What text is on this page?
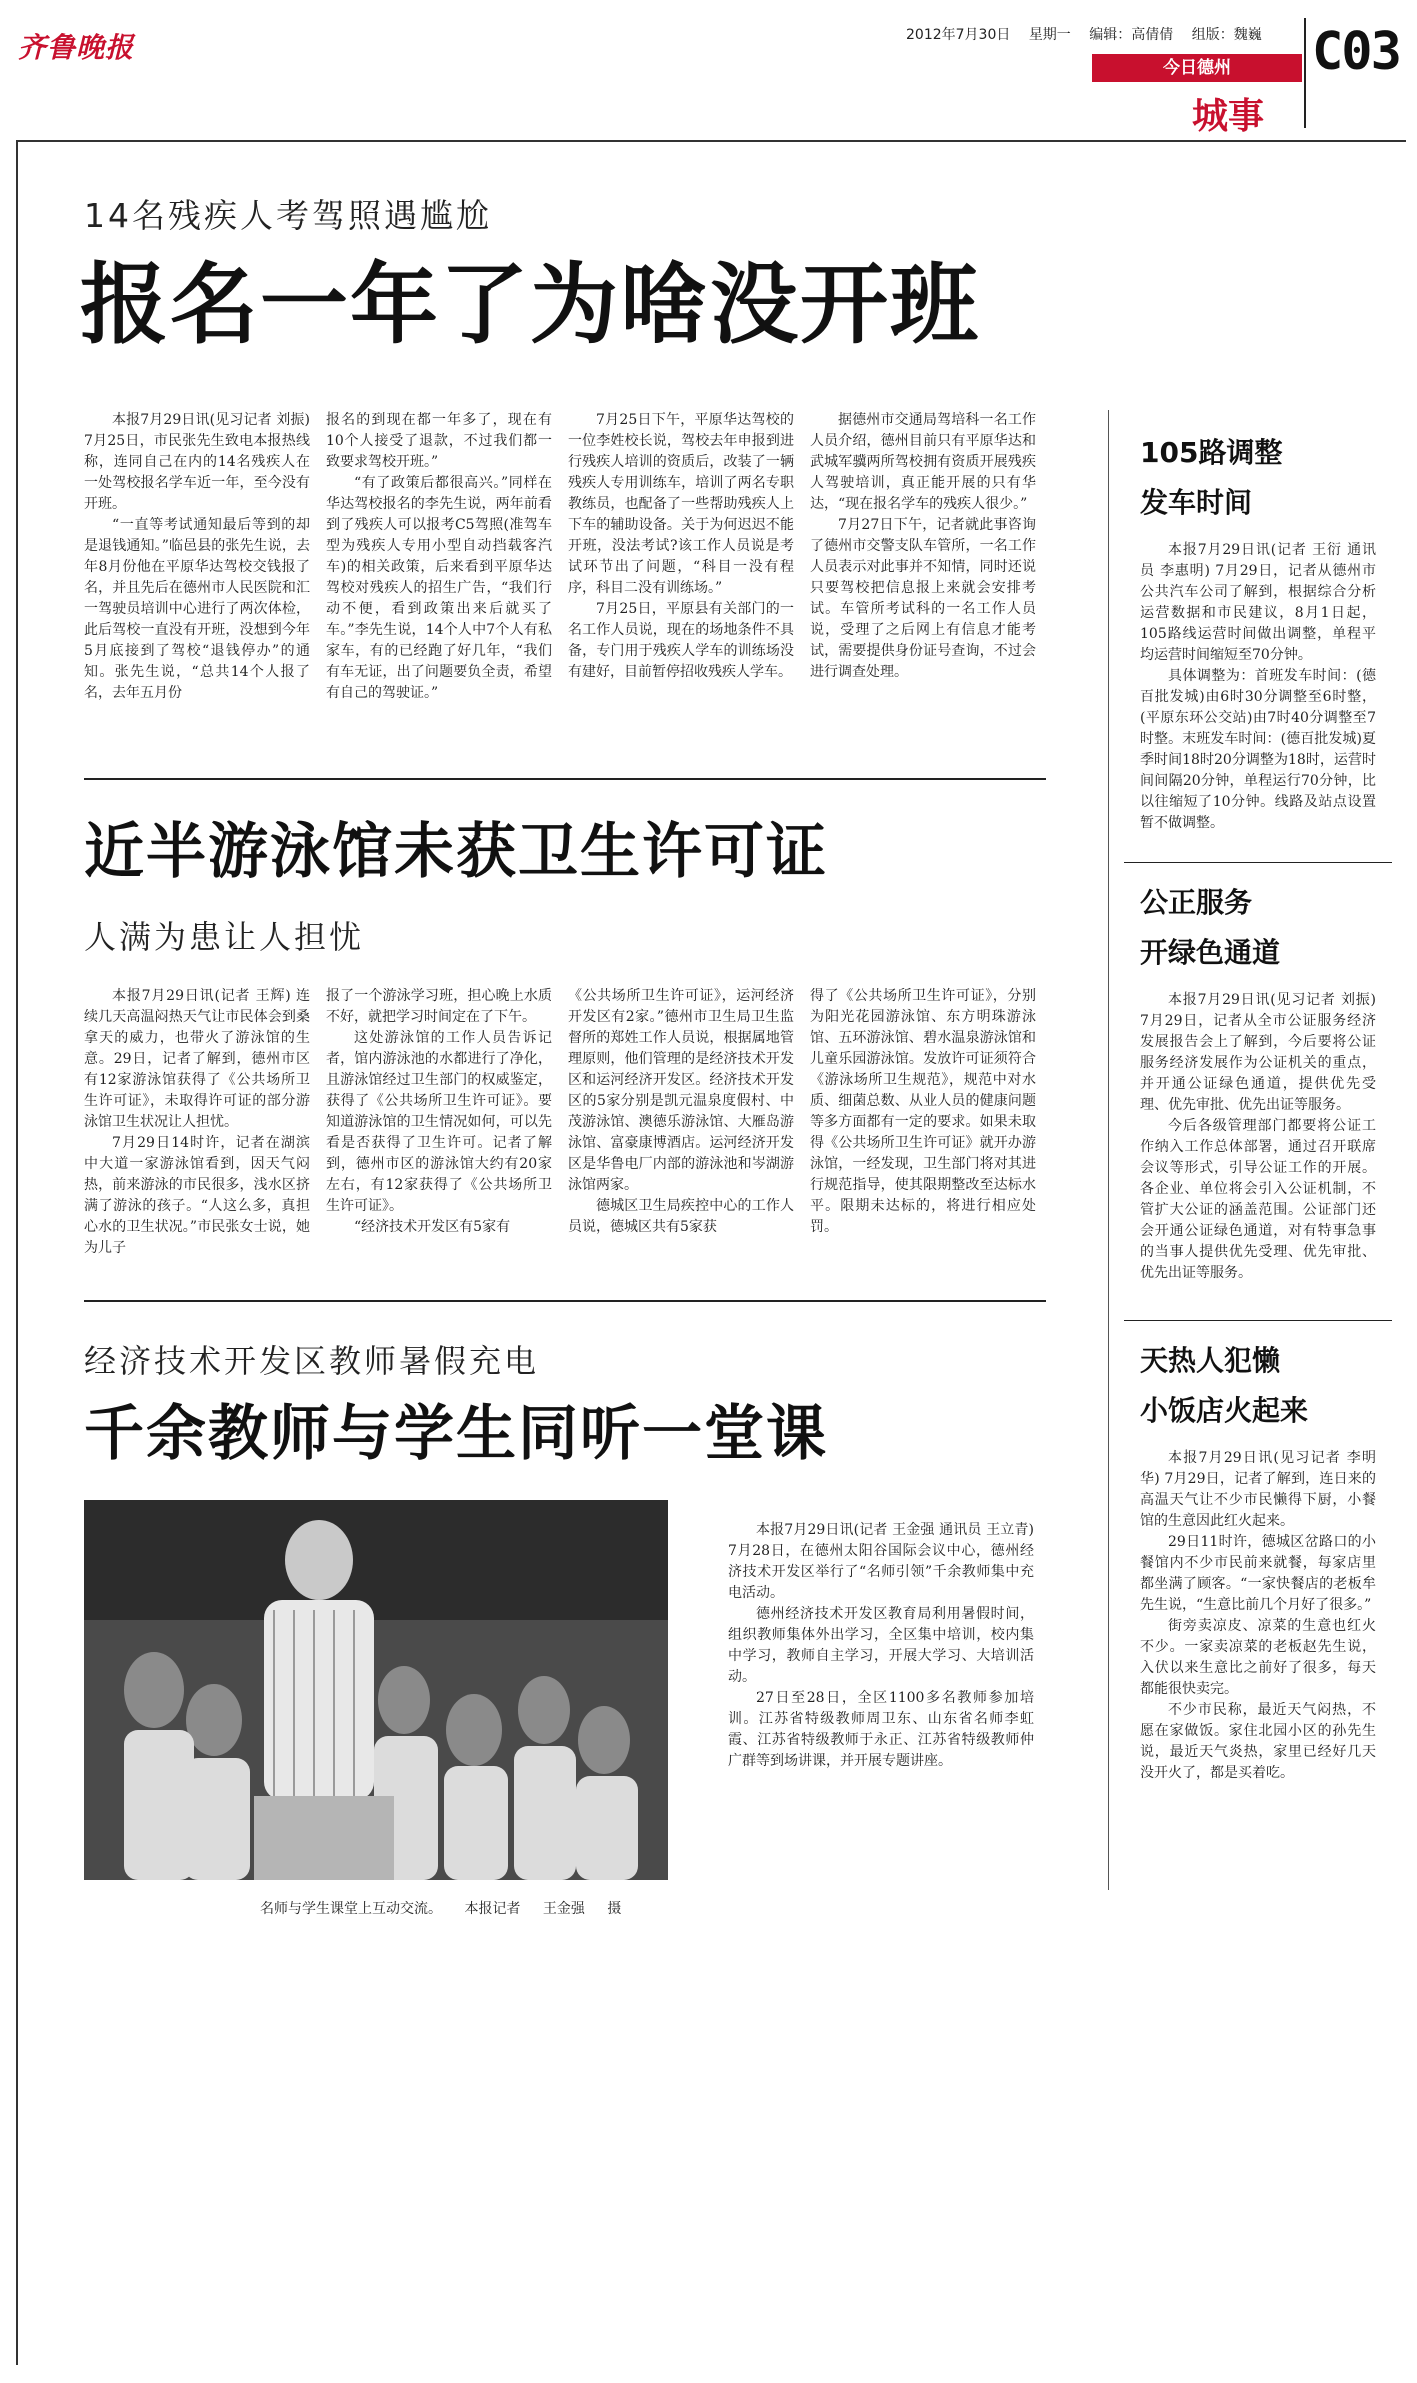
齐鲁晚报	2012年7月30日 星期一 编辑：高倩倩 组版：魏巍
今日德州
城事
C03
14名残疾人考驾照遇尴尬
报名一年了为啥没开班

本报7月29日讯(见习记者 刘振) 7月25日，市民张先生致电本报热线称，连同自己在内的14名残疾人在一处驾校报名学车近一年，至今没有开班。

“一直等考试通知最后等到的却是退钱通知。”临邑县的张先生说，去年8月份他在平原华达驾校交钱报了名，并且先后在德州市人民医院和汇一驾驶员培训中心进行了两次体检，此后驾校一直没有开班，没想到今年5月底接到了驾校“退钱停办”的通知。张先生说，“总共14个人报了名，去年五月份

报名的到现在都一年多了，现在有10个人接受了退款，不过我们都一致要求驾校开班。”

“有了政策后都很高兴。”同样在华达驾校报名的李先生说，两年前看到了残疾人可以报考C5驾照(准驾车型为残疾人专用小型自动挡载客汽车)的相关政策，后来看到平原华达驾校对残疾人的招生广告，“我们行动不便，看到政策出来后就买了车。”李先生说，14个人中7个人有私家车，有的已经跑了好几年，“我们有车无证，出了问题要负全责，希望有自己的驾驶证。”

7月25日下午，平原华达驾校的一位李姓校长说，驾校去年申报到进行残疾人培训的资质后，改装了一辆残疾人专用训练车，培训了两名专职教练员，也配备了一些帮助残疾人上下车的辅助设备。关于为何迟迟不能开班，没法考试?该工作人员说是考试环节出了问题，“科目一没有程序，科目二没有训练场。”

7月25日，平原县有关部门的一名工作人员说，现在的场地条件不具备，专门用于残疾人学车的训练场没有建好，目前暂停招收残疾人学车。

据德州市交通局驾培科一名工作人员介绍，德州目前只有平原华达和武城军骥两所驾校拥有资质开展残疾人驾驶培训，真正能开展的只有华达，“现在报名学车的残疾人很少。”

7月27日下午，记者就此事咨询了德州市交警支队车管所，一名工作人员表示对此事并不知情，同时还说只要驾校把信息报上来就会安排考试。车管所考试科的一名工作人员说，受理了之后网上有信息才能考试，需要提供身份证号查询，不过会进行调查处理。

近半游泳馆未获卫生许可证
人满为患让人担忧

本报7月29日讯(记者 王辉) 连续几天高温闷热天气让市民体会到桑拿天的威力，也带火了游泳馆的生意。29日，记者了解到，德州市区有12家游泳馆获得了《公共场所卫生许可证》，未取得许可证的部分游泳馆卫生状况让人担忧。

7月29日14时许，记者在湖滨中大道一家游泳馆看到，因天气闷热，前来游泳的市民很多，浅水区挤满了游泳的孩子。“人这么多，真担心水的卫生状况。”市民张女士说，她为儿子

报了一个游泳学习班，担心晚上水质不好，就把学习时间定在了下午。

这处游泳馆的工作人员告诉记者，馆内游泳池的水都进行了净化，且游泳馆经过卫生部门的权威鉴定，获得了《公共场所卫生许可证》。要知道游泳馆的卫生情况如何，可以先看是否获得了卫生许可。记者了解到，德州市区的游泳馆大约有20家左右，有12家获得了《公共场所卫生许可证》。

“经济技术开发区有5家有

《公共场所卫生许可证》，运河经济开发区有2家。”德州市卫生局卫生监督所的郑姓工作人员说，根据属地管理原则，他们管理的是经济技术开发区和运河经济开发区。经济技术开发区的5家分别是凯元温泉度假村、中茂游泳馆、澳德乐游泳馆、大雁岛游泳馆、富豪康博酒店。运河经济开发区是华鲁电厂内部的游泳池和岑湖游泳馆两家。

德城区卫生局疾控中心的工作人员说，德城区共有5家获

得了《公共场所卫生许可证》，分别为阳光花园游泳馆、东方明珠游泳馆、五环游泳馆、碧水温泉游泳馆和儿童乐园游泳馆。发放许可证须符合《游泳场所卫生规范》，规范中对水质、细菌总数、从业人员的健康问题等多方面都有一定的要求。如果未取得《公共场所卫生许可证》就开办游泳馆，一经发现，卫生部门将对其进行规范指导，使其限期整改至达标水平。限期未达标的，将进行相应处罚。

经济技术开发区教师暑假充电
千余教师与学生同听一堂课

本报7月29日讯(记者 王金强 通讯员 王立青) 7月28日，在德州太阳谷国际会议中心，德州经济技术开发区举行了“名师引领”千余教师集中充电活动。

德州经济技术开发区教育局利用暑假时间，组织教师集体外出学习，全区集中培训，校内集中学习，教师自主学习，开展大学习、大培训活动。

27日至28日，全区1100多名教师参加培训。江苏省特级教师周卫东、山东省名师李虹霞、江苏省特级教师于永正、江苏省特级教师仲广群等到场讲课，并开展专题讲座。

名师与学生课堂上互动交流。 本报记者 王金强 摄
105路调整
发车时间

本报7月29日讯(记者 王衍 通讯员 李惠明) 7月29日，记者从德州市公共汽车公司了解到，根据综合分析运营数据和市民建议，8月1日起，105路线运营时间做出调整，单程平均运营时间缩短至70分钟。

具体调整为：首班发车时间：(德百批发城)由6时30分调整至6时整，(平原东环公交站)由7时40分调整至7时整。末班发车时间：(德百批发城)夏季时间18时20分调整为18时，运营时间间隔20分钟，单程运行70分钟，比以往缩短了10分钟。线路及站点设置暂不做调整。

公正服务
开绿色通道

本报7月29日讯(见习记者 刘振) 7月29日，记者从全市公证服务经济发展报告会上了解到，今后要将公证服务经济发展作为公证机关的重点，并开通公证绿色通道，提供优先受理、优先审批、优先出证等服务。

今后各级管理部门都要将公证工作纳入工作总体部署，通过召开联席会议等形式，引导公证工作的开展。各企业、单位将会引入公证机制，不管扩大公证的涵盖范围。公证部门还会开通公证绿色通道，对有特事急事的当事人提供优先受理、优先审批、优先出证等服务。

天热人犯懒
小饭店火起来

本报7月29日讯(见习记者 李明华) 7月29日，记者了解到，连日来的高温天气让不少市民懒得下厨，小餐馆的生意因此红火起来。

29日11时许，德城区岔路口的小餐馆内不少市民前来就餐，每家店里都坐满了顾客。“一家快餐店的老板牟先生说，“生意比前几个月好了很多。”

街旁卖凉皮、凉菜的生意也红火不少。一家卖凉菜的老板赵先生说，入伏以来生意比之前好了很多，每天都能很快卖完。

不少市民称，最近天气闷热，不愿在家做饭。家住北园小区的孙先生说，最近天气炎热，家里已经好几天没开火了，都是买着吃。
